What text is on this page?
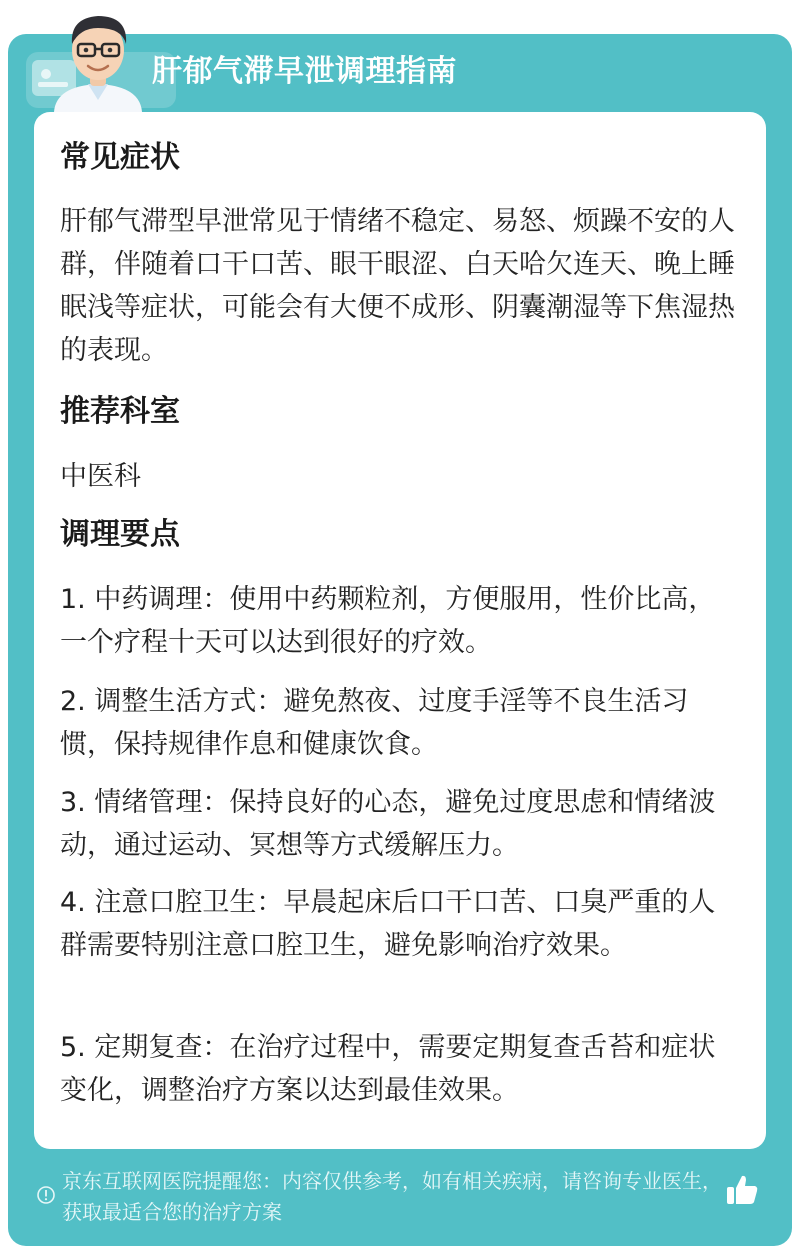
肝郁气滞早泄调理指南
常见症状
肝郁气滞型早泄常见于情绪不稳定、易怒、烦躁不安的人群，伴随着口干口苦、眼干眼涩、白天哈欠连天、晚上睡眠浅等症状，可能会有大便不成形、阴囊潮湿等下焦湿热的表现。
推荐科室
中医科
调理要点
1. 中药调理：使用中药颗粒剂，方便服用，性价比高，一个疗程十天可以达到很好的疗效。
2. 调整生活方式：避免熬夜、过度手淫等不良生活习惯，保持规律作息和健康饮食。
3. 情绪管理：保持良好的心态，避免过度思虑和情绪波动，通过运动、冥想等方式缓解压力。
4. 注意口腔卫生：早晨起床后口干口苦、口臭严重的人群需要特别注意口腔卫生，避免影响治疗效果。
5. 定期复查：在治疗过程中，需要定期复查舌苔和症状变化，调整治疗方案以达到最佳效果。
京东互联网医院提醒您：内容仅供参考，如有相关疾病，请咨询专业医生，获取最适合您的治疗方案
